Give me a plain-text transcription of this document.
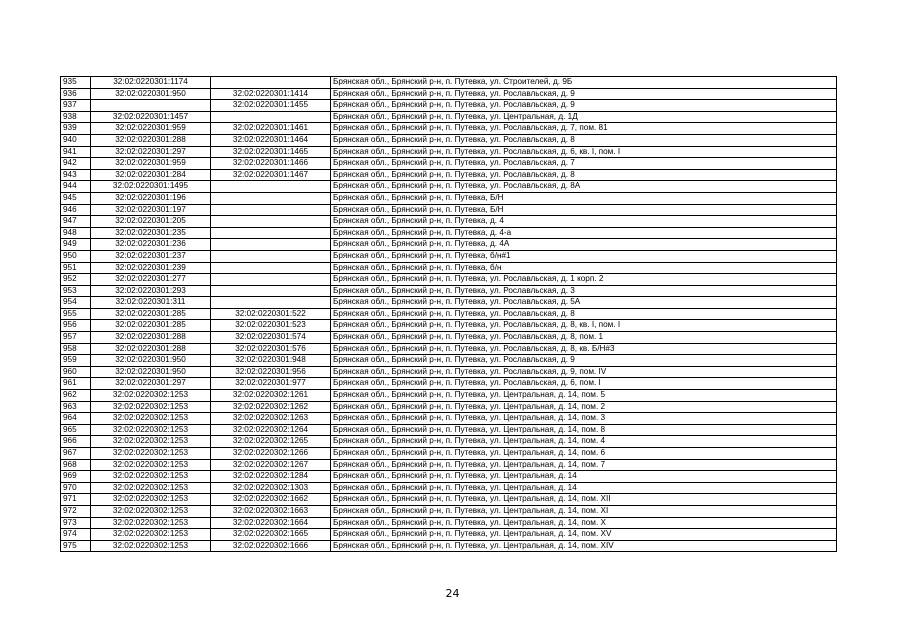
935	32:02:0220301:1174		Брянская обл., Брянский р-н, п. Путевка, ул. Строителей, д. 9Б
936	32:02:0220301:950	32:02:0220301:1414	Брянская обл., Брянский р-н, п. Путевка, ул. Рославльская, д. 9
937		32:02:0220301:1455	Брянская обл., Брянский р-н, п. Путевка, ул. Рославльская, д. 9
938	32:02:0220301:1457		Брянская обл., Брянский р-н, п. Путевка, ул. Центральная, д. 1Д
939	32:02:0220301:959	32:02:0220301:1461	Брянская обл., Брянский р-н, п. Путевка, ул. Рославльская, д. 7, пом. 81
940	32:02:0220301:288	32:02:0220301:1464	Брянская обл., Брянский р-н, п. Путевка, ул. Рославльская, д. 8
941	32:02:0220301:297	32:02:0220301:1465	Брянская обл., Брянский р-н, п. Путевка, ул. Рославльская, д. 6, кв. I, пом. I
942	32:02:0220301:959	32:02:0220301:1466	Брянская обл., Брянский р-н, п. Путевка, ул. Рославльская, д. 7
943	32:02:0220301:284	32:02:0220301:1467	Брянская обл., Брянский р-н, п. Путевка, ул. Рославльская, д. 8
944	32:02:0220301:1495		Брянская обл., Брянский р-н, п. Путевка, ул. Рославльская, д. 8А
945	32:02:0220301:196		Брянская обл., Брянский р-н, п. Путевка, Б/Н
946	32:02:0220301:197		Брянская обл., Брянский р-н, п. Путевка, Б/Н
947	32:02:0220301:205		Брянская обл., Брянский р-н, п. Путевка, д. 4
948	32:02:0220301:235		Брянская обл., Брянский р-н, п. Путевка, д. 4-а
949	32:02:0220301:236		Брянская обл., Брянский р-н, п. Путевка, д. 4А
950	32:02:0220301:237		Брянская обл., Брянский р-н, п. Путевка, б/н#1
951	32:02:0220301:239		Брянская обл., Брянский р-н, п. Путевка, б/н
952	32:02:0220301:277		Брянская обл., Брянский р-н, п. Путевка, ул. Рославльская, д. 1 корп. 2
953	32:02:0220301:293		Брянская обл., Брянский р-н, п. Путевка, ул. Рославльская, д. 3
954	32:02:0220301:311		Брянская обл., Брянский р-н, п. Путевка, ул. Рославльская, д. 5А
955	32:02:0220301:285	32:02:0220301:522	Брянская обл., Брянский р-н, п. Путевка, ул. Рославльская, д. 8
956	32:02:0220301:285	32:02:0220301:523	Брянская обл., Брянский р-н, п. Путевка, ул. Рославльская, д. 8, кв. I, пом. I
957	32:02:0220301:288	32:02:0220301:574	Брянская обл., Брянский р-н, п. Путевка, ул. Рославльская, д. 8, пом. 1
958	32:02:0220301:288	32:02:0220301:576	Брянская обл., Брянский р-н, п. Путевка, ул. Рославльская, д. 8, кв. Б/Н#3
959	32:02:0220301:950	32:02:0220301:948	Брянская обл., Брянский р-н, п. Путевка, ул. Рославльская, д. 9
960	32:02:0220301:950	32:02:0220301:956	Брянская обл., Брянский р-н, п. Путевка, ул. Рославльская, д. 9, пом. IV
961	32:02:0220301:297	32:02:0220301:977	Брянская обл., Брянский р-н, п. Путевка, ул. Рославльская, д. 6, пом. I
962	32:02:0220302:1253	32:02:0220302:1261	Брянская обл., Брянский р-н, п. Путевка, ул. Центральная, д. 14, пом. 5
963	32:02:0220302:1253	32:02:0220302:1262	Брянская обл., Брянский р-н, п. Путевка, ул. Центральная, д. 14, пом. 2
964	32:02:0220302:1253	32:02:0220302:1263	Брянская обл., Брянский р-н, п. Путевка, ул. Центральная, д. 14, пом. 3
965	32:02:0220302:1253	32:02:0220302:1264	Брянская обл., Брянский р-н, п. Путевка, ул. Центральная, д. 14, пом. 8
966	32:02:0220302:1253	32:02:0220302:1265	Брянская обл., Брянский р-н, п. Путевка, ул. Центральная, д. 14, пом. 4
967	32:02:0220302:1253	32:02:0220302:1266	Брянская обл., Брянский р-н, п. Путевка, ул. Центральная, д. 14, пом. 6
968	32:02:0220302:1253	32:02:0220302:1267	Брянская обл., Брянский р-н, п. Путевка, ул. Центральная, д. 14, пом. 7
969	32:02:0220302:1253	32:02:0220302:1284	Брянская обл., Брянский р-н, п. Путевка, ул. Центральная, д. 14
970	32:02:0220302:1253	32:02:0220302:1303	Брянская обл., Брянский р-н, п. Путевка, ул. Центральная, д. 14
971	32:02:0220302:1253	32:02:0220302:1662	Брянская обл., Брянский р-н, п. Путевка, ул. Центральная, д. 14, пом. XII
972	32:02:0220302:1253	32:02:0220302:1663	Брянская обл., Брянский р-н, п. Путевка, ул. Центральная, д. 14, пом. XI
973	32:02:0220302:1253	32:02:0220302:1664	Брянская обл., Брянский р-н, п. Путевка, ул. Центральная, д. 14, пом. X
974	32:02:0220302:1253	32:02:0220302:1665	Брянская обл., Брянский р-н, п. Путевка, ул. Центральная, д. 14, пом. XV
975	32:02:0220302:1253	32:02:0220302:1666	Брянская обл., Брянский р-н, п. Путевка, ул. Центральная, д. 14, пом. XIV
24
